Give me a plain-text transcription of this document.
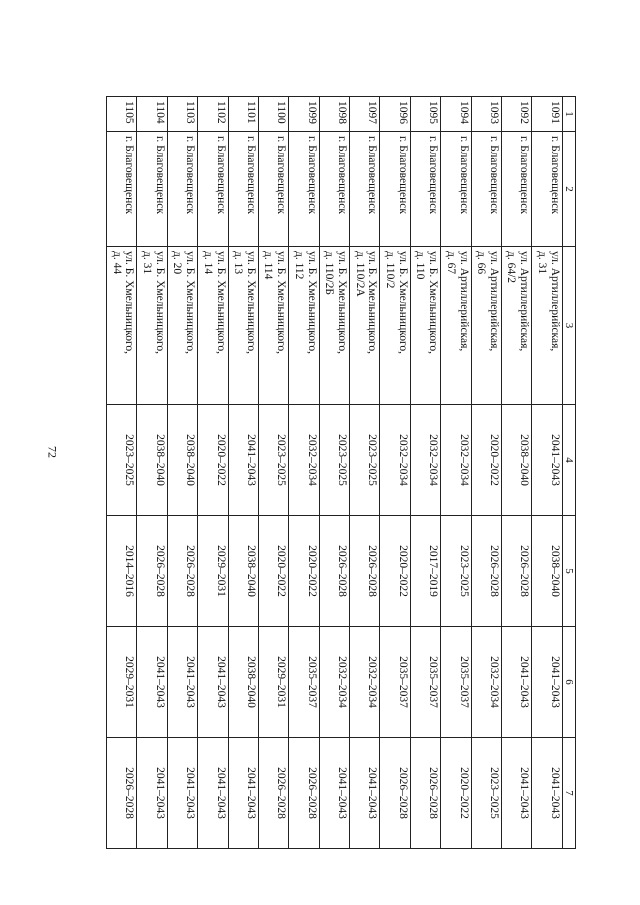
72
1	2	3	4	5	6	7
1091	г. Благовещенск	ул. Артиллерийская,
д. 31	2041–2043	2038–2040	2041–2043	2041–2043
1092	г. Благовещенск	ул. Артиллерийская,
д. 64/2	2038–2040	2026–2028	2041–2043	2041–2043
1093	г. Благовещенск	ул. Артиллерийская,
д. 66	2020–2022	2026–2028	2032–2034	2023–2025
1094	г. Благовещенск	ул. Артиллерийская,
д. 67	2032–2034	2023–2025	2035–2037	2020–2022
1095	г. Благовещенск	ул. Б. Хмельницкого,
д. 110	2032–2034	2017–2019	2035–2037	2026–2028
1096	г. Благовещенск	ул. Б. Хмельницкого,
д. 110/2	2032–2034	2020–2022	2035–2037	2026–2028
1097	г. Благовещенск	ул. Б. Хмельницкого,
д. 110/2А	2023–2025	2026–2028	2032–2034	2041–2043
1098	г. Благовещенск	ул. Б. Хмельницкого,
д. 110/2Б	2023–2025	2026–2028	2032–2034	2041–2043
1099	г. Благовещенск	ул. Б. Хмельницкого,
д. 112	2032–2034	2020–2022	2035–2037	2026–2028
1100	г. Благовещенск	ул. Б. Хмельницкого,
д. 114	2023–2025	2020–2022	2029–2031	2026–2028
1101	г. Благовещенск	ул. Б. Хмельницкого,
д. 13	2041–2043	2038–2040	2038–2040	2041–2043
1102	г. Благовещенск	ул. Б. Хмельницкого,
д. 14	2020–2022	2029–2031	2041–2043	2041–2043
1103	г. Благовещенск	ул. Б. Хмельницкого,
д. 20	2038–2040	2026–2028	2041–2043	2041–2043
1104	г. Благовещенск	ул. Б. Хмельницкого,
д. 31	2038–2040	2026–2028	2041–2043	2041–2043
1105	г. Благовещенск	ул. Б. Хмельницкого,
д. 44	2023–2025	2014–2016	2029–2031	2026–2028
